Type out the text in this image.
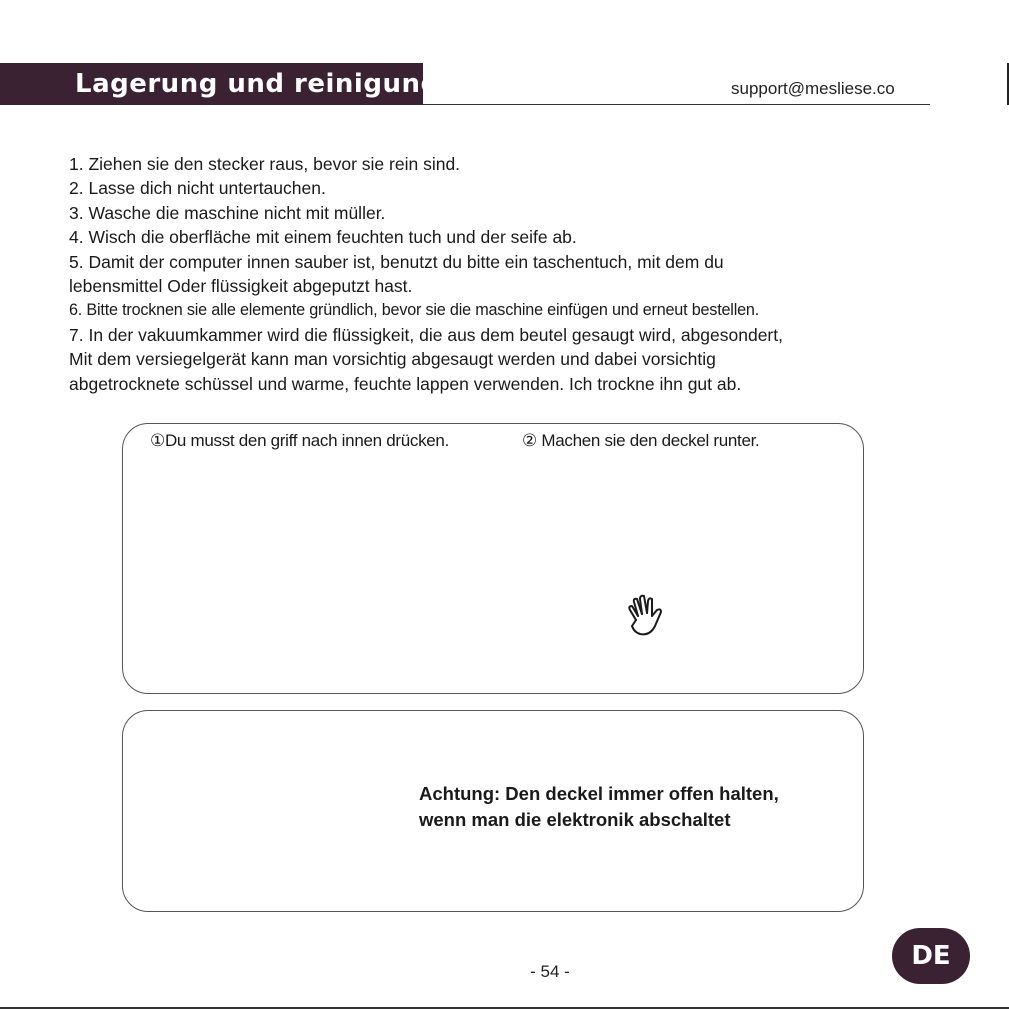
Lagerung und reinigung	support@mesliese.co
1. Ziehen sie den stecker raus, bevor sie rein sind.
2. Lasse dich nicht untertauchen.
3. Wasche die maschine nicht mit müller.
4. Wisch die oberfläche mit einem feuchten tuch und der seife ab.
5. Damit der computer innen sauber ist, benutzt du bitte ein taschentuch, mit dem du
lebensmittel Oder flüssigkeit abgeputzt hast.
6. Bitte trocknen sie alle elemente gründlich, bevor sie die maschine einfügen und erneut bestellen.
7. In der vakuumkammer wird die flüssigkeit, die aus dem beutel gesaugt wird, abgesondert,
Mit dem versiegelgerät kann man vorsichtig abgesaugt werden und dabei vorsichtig
abgetrocknete schüssel und warme, feuchte lappen verwenden. Ich trockne ihn gut ab.
①Du musst den griff nach innen drücken.	② Machen sie den deckel runter.
Achtung: Den deckel immer offen halten,
wenn man die elektronik abschaltet
- 54 -
DE
